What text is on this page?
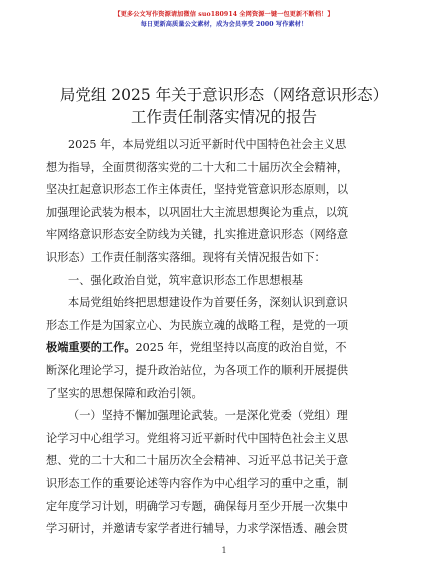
【更多公文写作资源请加微信 suo180914 全网资源一键一包更新不断档！】
每日更新高质量公文素材，成为会员享受 2000 写作素材！
局党组 2025 年关于意识形态（网络意识形态）
工作责任制落实情况的报告
2025 年，本局党组以习近平新时代中国特色社会主义思
想为指导，全面贯彻落实党的二十大和二十届历次全会精神，
坚决扛起意识形态工作主体责任，坚持党管意识形态原则，以
加强理论武装为根本，以巩固壮大主流思想舆论为重点，以筑
牢网络意识形态安全防线为关键，扎实推进意识形态（网络意
识形态）工作责任制落实落细。现将有关情况报告如下：
一、强化政治自觉，筑牢意识形态工作思想根基
本局党组始终把思想建设作为首要任务，深刻认识到意识
形态工作是为国家立心、为民族立魂的战略工程，是党的一项
极端重要的工作。2025 年，党组坚持以高度的政治自觉，不
断深化理论学习，提升政治站位，为各项工作的顺利开展提供
了坚实的思想保障和政治引领。
（一）坚持不懈加强理论武装。一是深化党委（党组）理
论学习中心组学习。党组将习近平新时代中国特色社会主义思
想、党的二十大和二十届历次全会精神、习近平总书记关于意
识形态工作的重要论述等内容作为中心组学习的重中之重，制
定年度学习计划，明确学习专题，确保每月至少开展一次集中
学习研讨，并邀请专家学者进行辅导，力求学深悟透、融会贯
1
